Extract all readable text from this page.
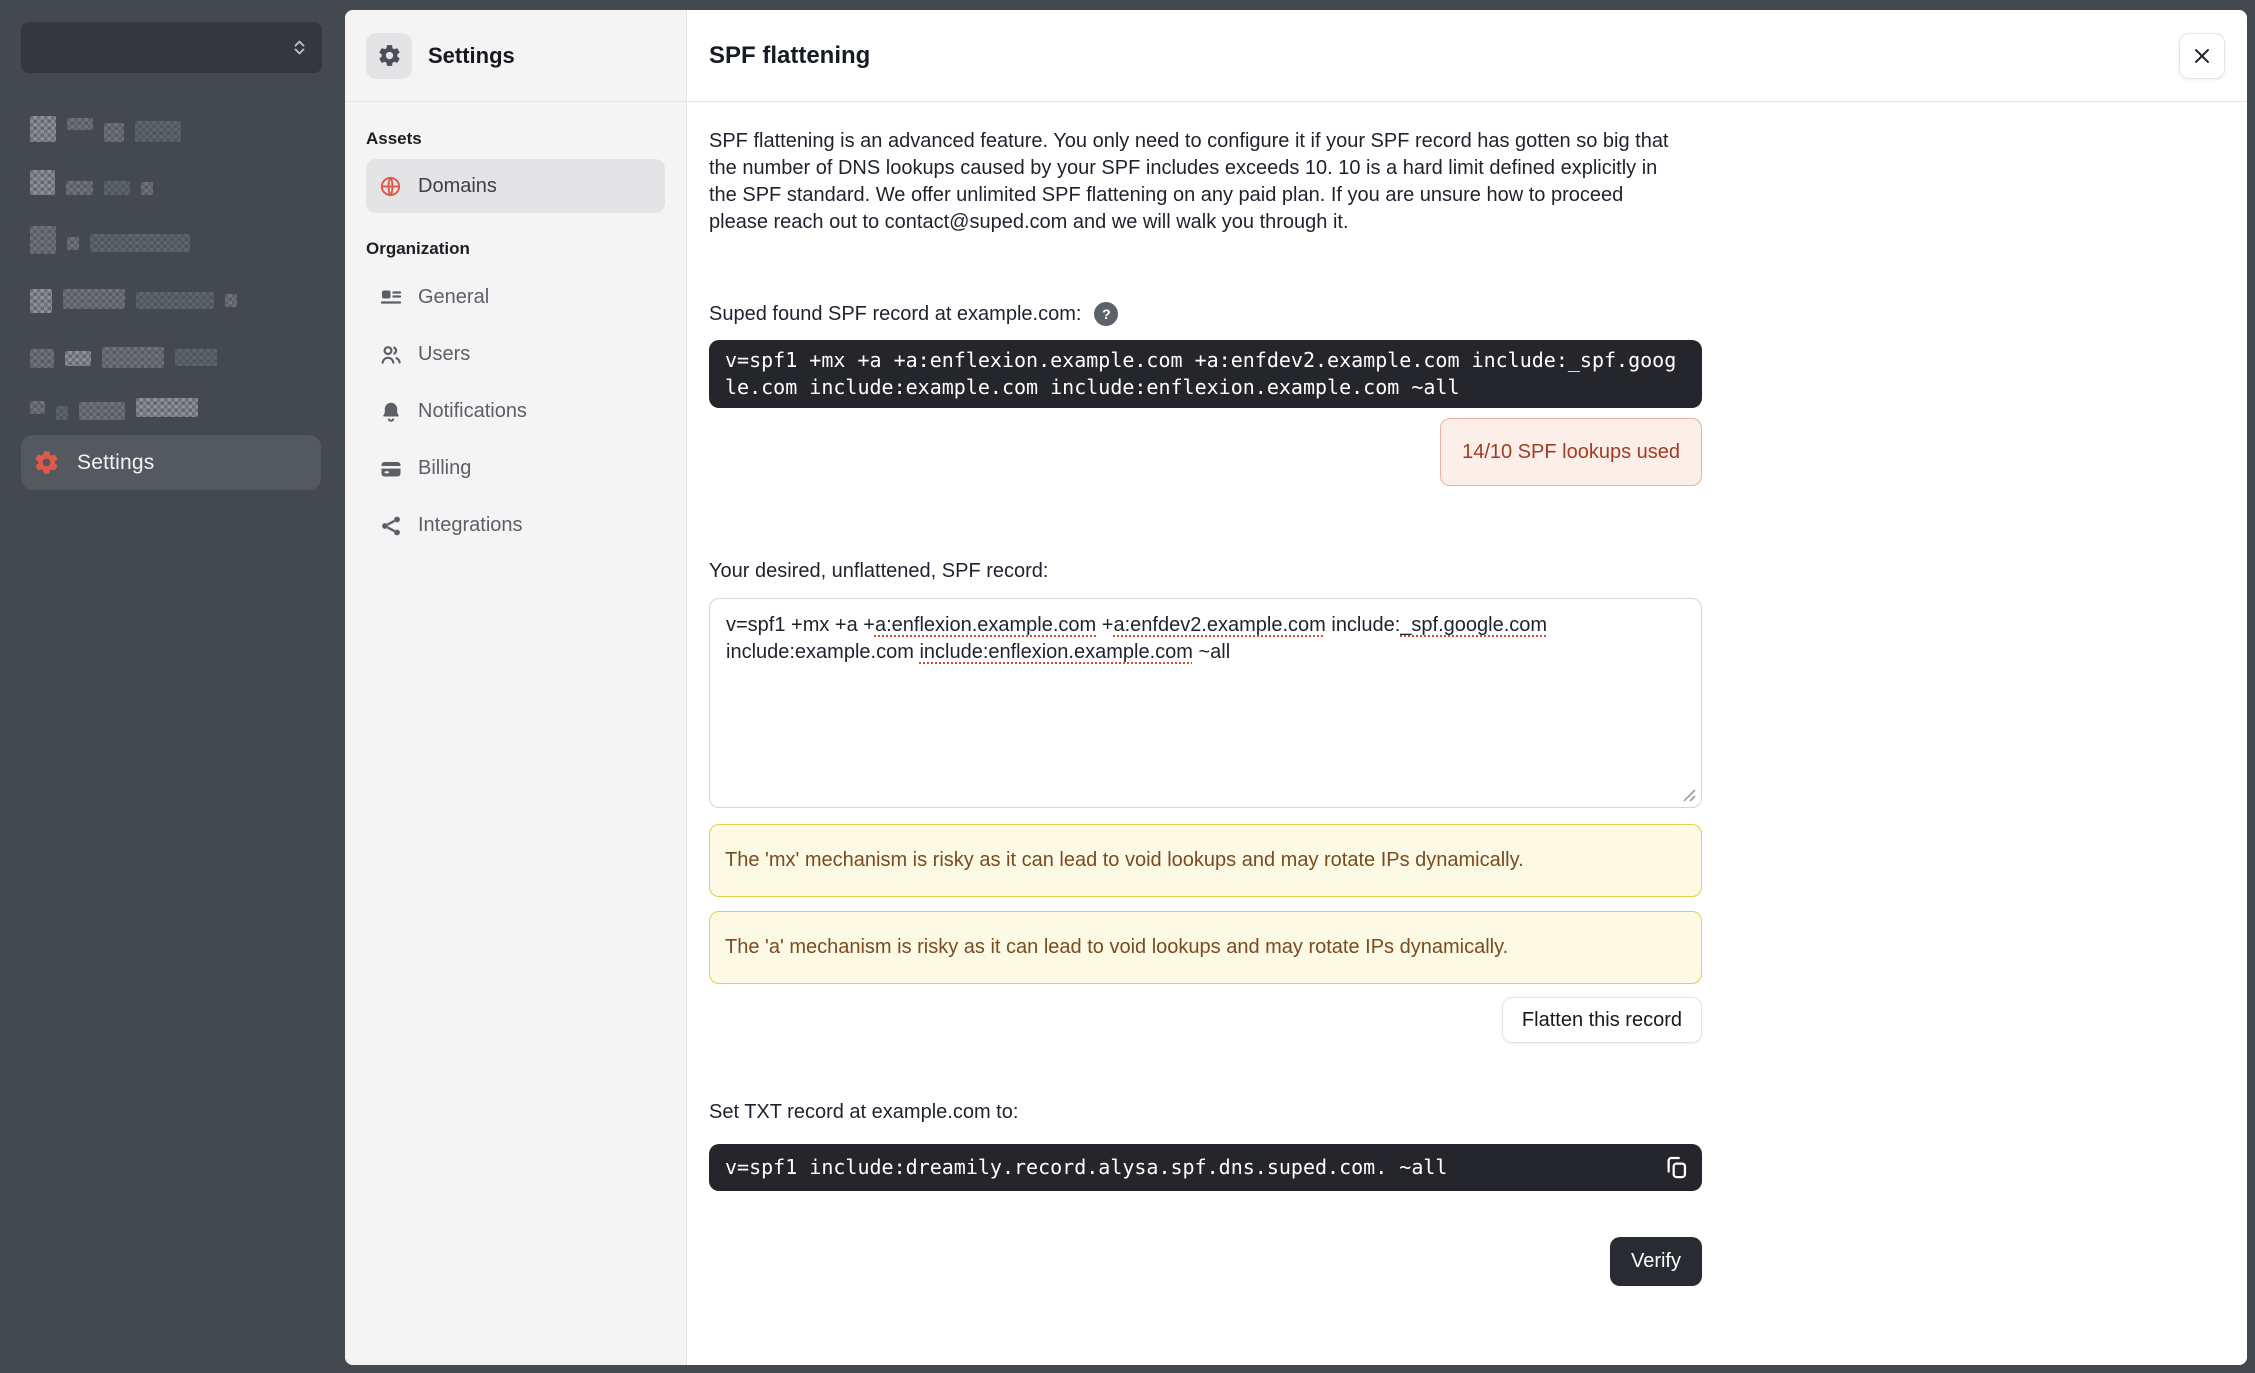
Settings
Settings
Assets
Domains
Organization
General
Users
Notifications
Billing
Integrations
SPF flattening

SPF flattening is an advanced feature. You only need to configure it if your SPF record has gotten so big that the number of DNS lookups caused by your SPF includes exceeds 10. 10 is a hard limit defined explicitly in the SPF standard. We offer unlimited SPF flattening on any paid plan. If you are unsure how to proceed please reach out to contact@suped.com and we will walk you through it.

Suped found SPF record at example.com:	?
v=spf1 +mx +a +a:enflexion.example.com +a:enfdev2.example.com include:_spf.google.com include:example.com include:enflexion.example.com ~all
14/10 SPF lookups used
Your desired, unflattened, SPF record:
v=spf1 +mx +a +a:enflexion.example.com +a:enfdev2.example.com include:_spf.google.com include:example.com include:enflexion.example.com ~all
The 'mx' mechanism is risky as it can lead to void lookups and may rotate IPs dynamically.
The 'a' mechanism is risky as it can lead to void lookups and may rotate IPs dynamically.
Flatten this record
Set TXT record at example.com to:
v=spf1 include:dreamily.record.alysa.spf.dns.suped.com. ~all
Verify
